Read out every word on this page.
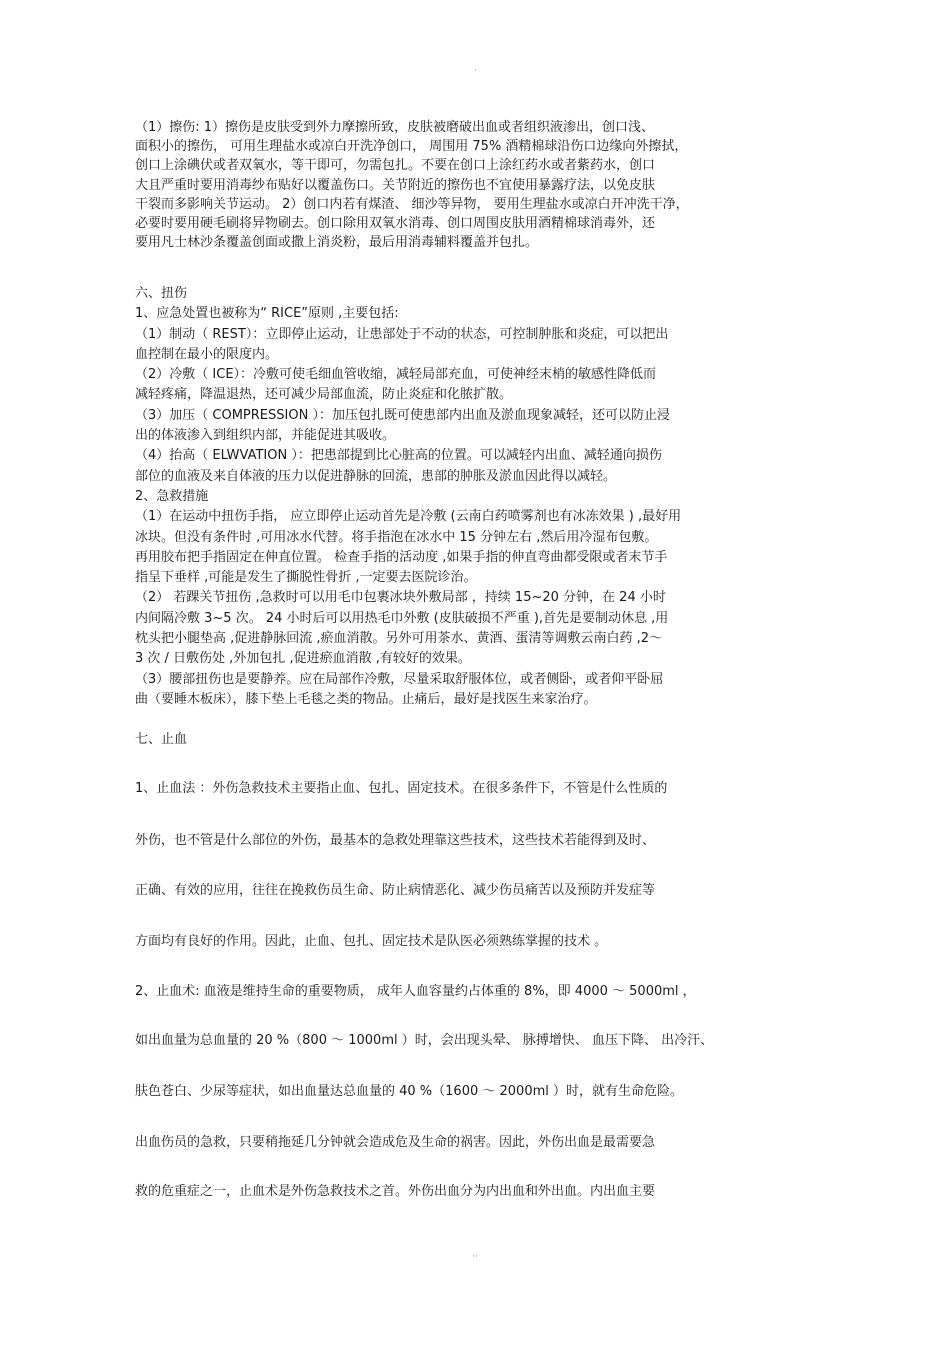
·
（1）擦伤: 1）擦伤是皮肤受到外力摩擦所致，皮肤被磨破出血或者组织液渗出，创口浅、
面积小的擦伤， 可用生理盐水或凉白开洗净创口， 周围用 75% 酒精棉球沿伤口边缘向外擦拭，
创口上涂碘伏或者双氧水，等干即可，勿需包扎。不要在创口上涂红药水或者紫药水，创口
大且严重时要用消毒纱布贴好以覆盖伤口。关节附近的擦伤也不宜使用暴露疗法，以免皮肤
干裂而多影响关节运动。 2）创口内若有煤渣、 细沙等异物， 要用生理盐水或凉白开冲洗干净，
必要时要用硬毛刷将异物刷去。创口除用双氧水消毒、创口周围皮肤用酒精棉球消毒外，还
要用凡士林沙条覆盖创面或撒上消炎粉，最后用消毒辅料覆盖并包扎。
六、扭伤
1、应急处置也被称为“ RICE”原则 ,主要包括:
（1）制动（ REST）：立即停止运动，让患部处于不动的状态，可控制肿胀和炎症，可以把出
血控制在最小的限度内。
（2）冷敷（ ICE）：冷敷可使毛细血管收缩，减轻局部充血，可使神经末梢的敏感性降低而
减轻疼痛，降温退热，还可减少局部血流，防止炎症和化脓扩散。
（3）加压（ COMPRESSION ）：加压包扎既可使患部内出血及淤血现象减轻，还可以防止浸
出的体液渗入到组织内部，并能促进其吸收。
（4）抬高（ ELWVATION ）：把患部提到比心脏高的位置。可以减轻内出血、减轻通向损伤
部位的血液及来自体液的压力以促进静脉的回流，患部的肿胀及淤血因此得以减轻。
2、急救措施
（1）在运动中扭伤手指， 应立即停止运动首先是冷敷 (云南白药喷雾剂也有冰冻效果 ) ,最好用
冰块。但没有条件时 ,可用冰水代替。将手指泡在冰水中 15 分钟左右 ,然后用冷湿布包敷。
再用胶布把手指固定在伸直位置。 检查手指的活动度 ,如果手指的伸直弯曲都受限或者末节手
指呈下垂样 ,可能是发生了撕脱性骨折 ,一定要去医院诊治。
（2） 若踝关节扭伤 ,急救时可以用毛巾包裹冰块外敷局部 ，持续 15~20 分钟，在 24 小时
内间隔冷敷 3~5 次。 24 小时后可以用热毛巾外敷 (皮肤破损不严重 ),首先是要制动休息 ,用
枕头把小腿垫高 ,促进静脉回流 ,瘀血消散。另外可用茶水、黄酒、蛋清等调敷云南白药 ,2～
3 次 / 日敷伤处 ,外加包扎 ,促进瘀血消散 ,有较好的效果。
（3）腰部扭伤也是要静养。应在局部作冷敷，尽量采取舒服体位，或者侧卧，或者仰平卧屈
曲（要睡木板床），膝下垫上毛毯之类的物品。止痛后，最好是找医生来家治疗。
七、止血
1、止血法 ：外伤急救技术主要指止血、包扎、固定技术。在很多条件下，不管是什么性质的
外伤，也不管是什么部位的外伤，最基本的急救处理靠这些技术，这些技术若能得到及时、
正确、有效的应用，往往在挽救伤员生命、防止病情恶化、减少伤员痛苦以及预防并发症等
方面均有良好的作用。因此，止血、包扎、固定技术是队医必须熟练掌握的技术 。
2、止血术: 血液是维持生命的重要物质， 成年人血容量约占体重的 8%，即 4000 ～ 5000ml ，
如出血量为总血量的 20 %（800 ～ 1000ml ）时，会出现头晕、 脉搏增快、 血压下降、 出冷汗、
肤色苍白、少尿等症状，如出血量达总血量的 40 %（1600 ～ 2000ml ）时，就有生命危险。
出血伤员的急救，只要稍拖延几分钟就会造成危及生命的祸害。因此，外伤出血是最需要急
救的危重症之一，止血术是外伤急救技术之首。外伤出血分为内出血和外出血。内出血主要
··
